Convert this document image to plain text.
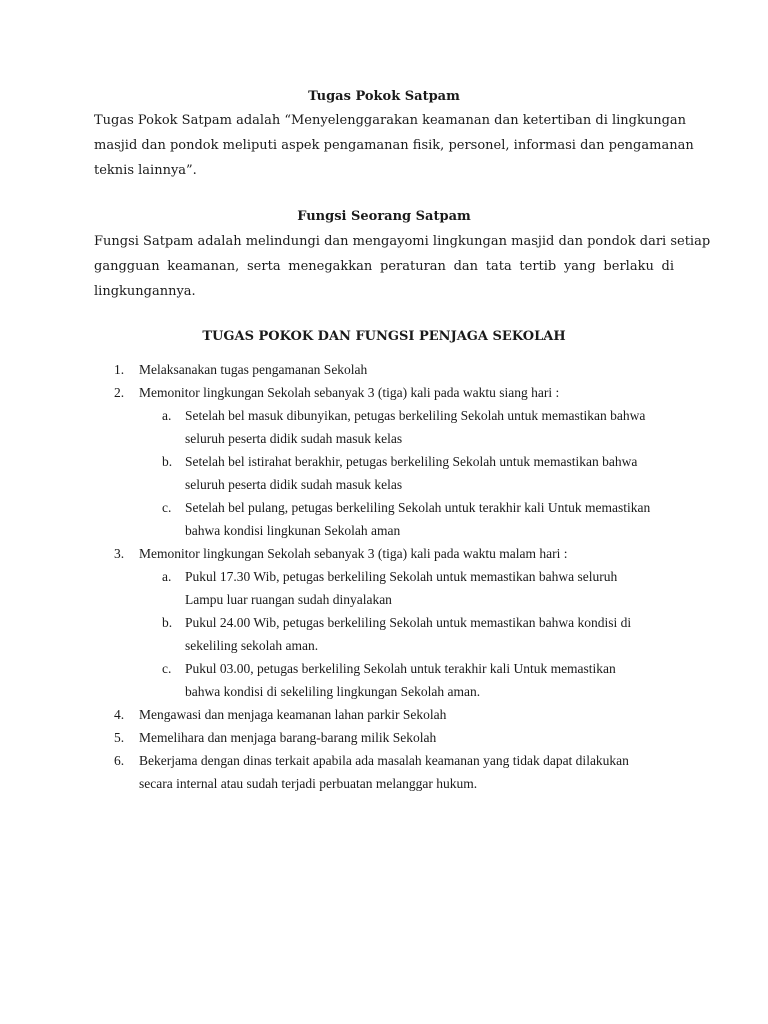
Tugas Pokok Satpam

Tugas Pokok Satpam adalah “Menyelenggarakan keamanan dan ketertiban di lingkungan
masjid dan pondok meliputi aspek pengamanan fisik, personel, informasi dan pengamanan
teknis lainnya”.

Fungsi Seorang Satpam

Fungsi Satpam adalah melindungi dan mengayomi lingkungan masjid dan pondok dari setiap
gangguan keamanan, serta menegakkan peraturan dan tata tertib yang berlaku di
lingkungannya.

TUGAS POKOK DAN FUNGSI PENJAGA SEKOLAH
1.	Melaksanakan tugas pengamanan Sekolah
2.	Memonitor lingkungan Sekolah sebanyak 3 (tiga) kali pada waktu siang hari :
a.	Setelah bel masuk dibunyikan, petugas berkeliling Sekolah untuk memastikan bahwa
seluruh peserta didik sudah masuk kelas
b. Setelah bel istirahat berakhir, petugas berkeliling Sekolah untuk memastikan bahwa
seluruh peserta didik sudah masuk kelas
c.	Setelah bel pulang, petugas berkeliling Sekolah untuk terakhir kali Untuk memastikan
bahwa kondisi lingkunan Sekolah aman
3.	Memonitor lingkungan Sekolah sebanyak 3 (tiga) kali pada waktu malam hari :
a.	Pukul 17.30 Wib, petugas berkeliling Sekolah untuk memastikan bahwa seluruh
Lampu luar ruangan sudah dinyalakan
b. Pukul 24.00 Wib, petugas berkeliling Sekolah untuk memastikan bahwa kondisi di
sekeliling sekolah aman.
c.	Pukul 03.00, petugas berkeliling Sekolah untuk terakhir kali Untuk memastikan
bahwa kondisi di sekeliling lingkungan Sekolah aman.
4.	Mengawasi dan menjaga keamanan lahan parkir Sekolah
5.	Memelihara dan menjaga barang-barang milik Sekolah
6.	Bekerjama dengan dinas terkait apabila ada masalah keamanan yang tidak dapat dilakukan
secara internal atau sudah terjadi perbuatan melanggar hukum.
